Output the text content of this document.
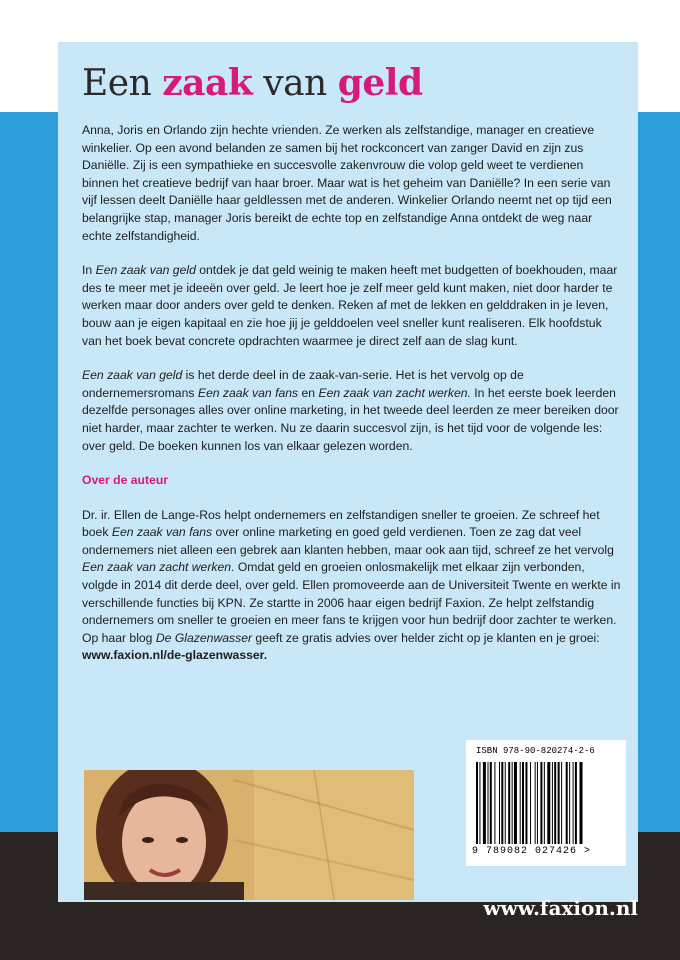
Een zaak van geld

Anna, Joris en Orlando zijn hechte vrienden. Ze werken als zelfstandige, manager en creatieve winkelier. Op een avond belanden ze samen bij het rockconcert van zanger David en zijn zus Daniëlle. Zij is een sympathieke en succesvolle zakenvrouw die volop geld weet te verdienen binnen het creatieve bedrijf van haar broer. Maar wat is het geheim van Daniëlle? In een serie van vijf lessen deelt Daniëlle haar geldlessen met de anderen. Winkelier Orlando neemt net op tijd een belangrijke stap, manager Joris bereikt de echte top en zelfstandige Anna ontdekt de weg naar echte zelfstandigheid.

In Een zaak van geld ontdek je dat geld weinig te maken heeft met budgetten of boekhouden, maar des te meer met je ideeën over geld. Je leert hoe je zelf meer geld kunt maken, niet door harder te werken maar door anders over geld te denken. Reken af met de lekken en gelddraken in je leven, bouw aan je eigen kapitaal en zie hoe jij je gelddoelen veel sneller kunt realiseren. Elk hoofdstuk van het boek bevat concrete opdrachten waarmee je direct zelf aan de slag kunt.

Een zaak van geld is het derde deel in de zaak-van-serie. Het is het vervolg op de ondernemersromans Een zaak van fans en Een zaak van zacht werken. In het eerste boek leerden dezelfde personages alles over online marketing, in het tweede deel leerden ze meer bereiken door niet harder, maar zachter te werken. Nu ze daarin succesvol zijn, is het tijd voor de volgende les: over geld. De boeken kunnen los van elkaar gelezen worden.

Over de auteur

Dr. ir. Ellen de Lange-Ros helpt ondernemers en zelfstandigen sneller te groeien. Ze schreef het boek Een zaak van fans over online marketing en goed geld verdienen. Toen ze zag dat veel ondernemers niet alleen een gebrek aan klanten hebben, maar ook aan tijd, schreef ze het vervolg Een zaak van zacht werken. Omdat geld en groeien onlosmakelijk met elkaar zijn verbonden, volgde in 2014 dit derde deel, over geld. Ellen promoveerde aan de Universiteit Twente en werkte in verschillende functies bij KPN. Ze startte in 2006 haar eigen bedrijf Faxion. Ze helpt zelfstandig ondernemers om sneller te groeien en meer fans te krijgen voor hun bedrijf door zachter te werken. Op haar blog De Glazenwasser geeft ze gratis advies over helder zicht op je klanten en je groei: www.faxion.nl/de-glazenwasser.

ISBN 978-90-820274-2-6
9 789082 027426 >
www.faxion.nl
